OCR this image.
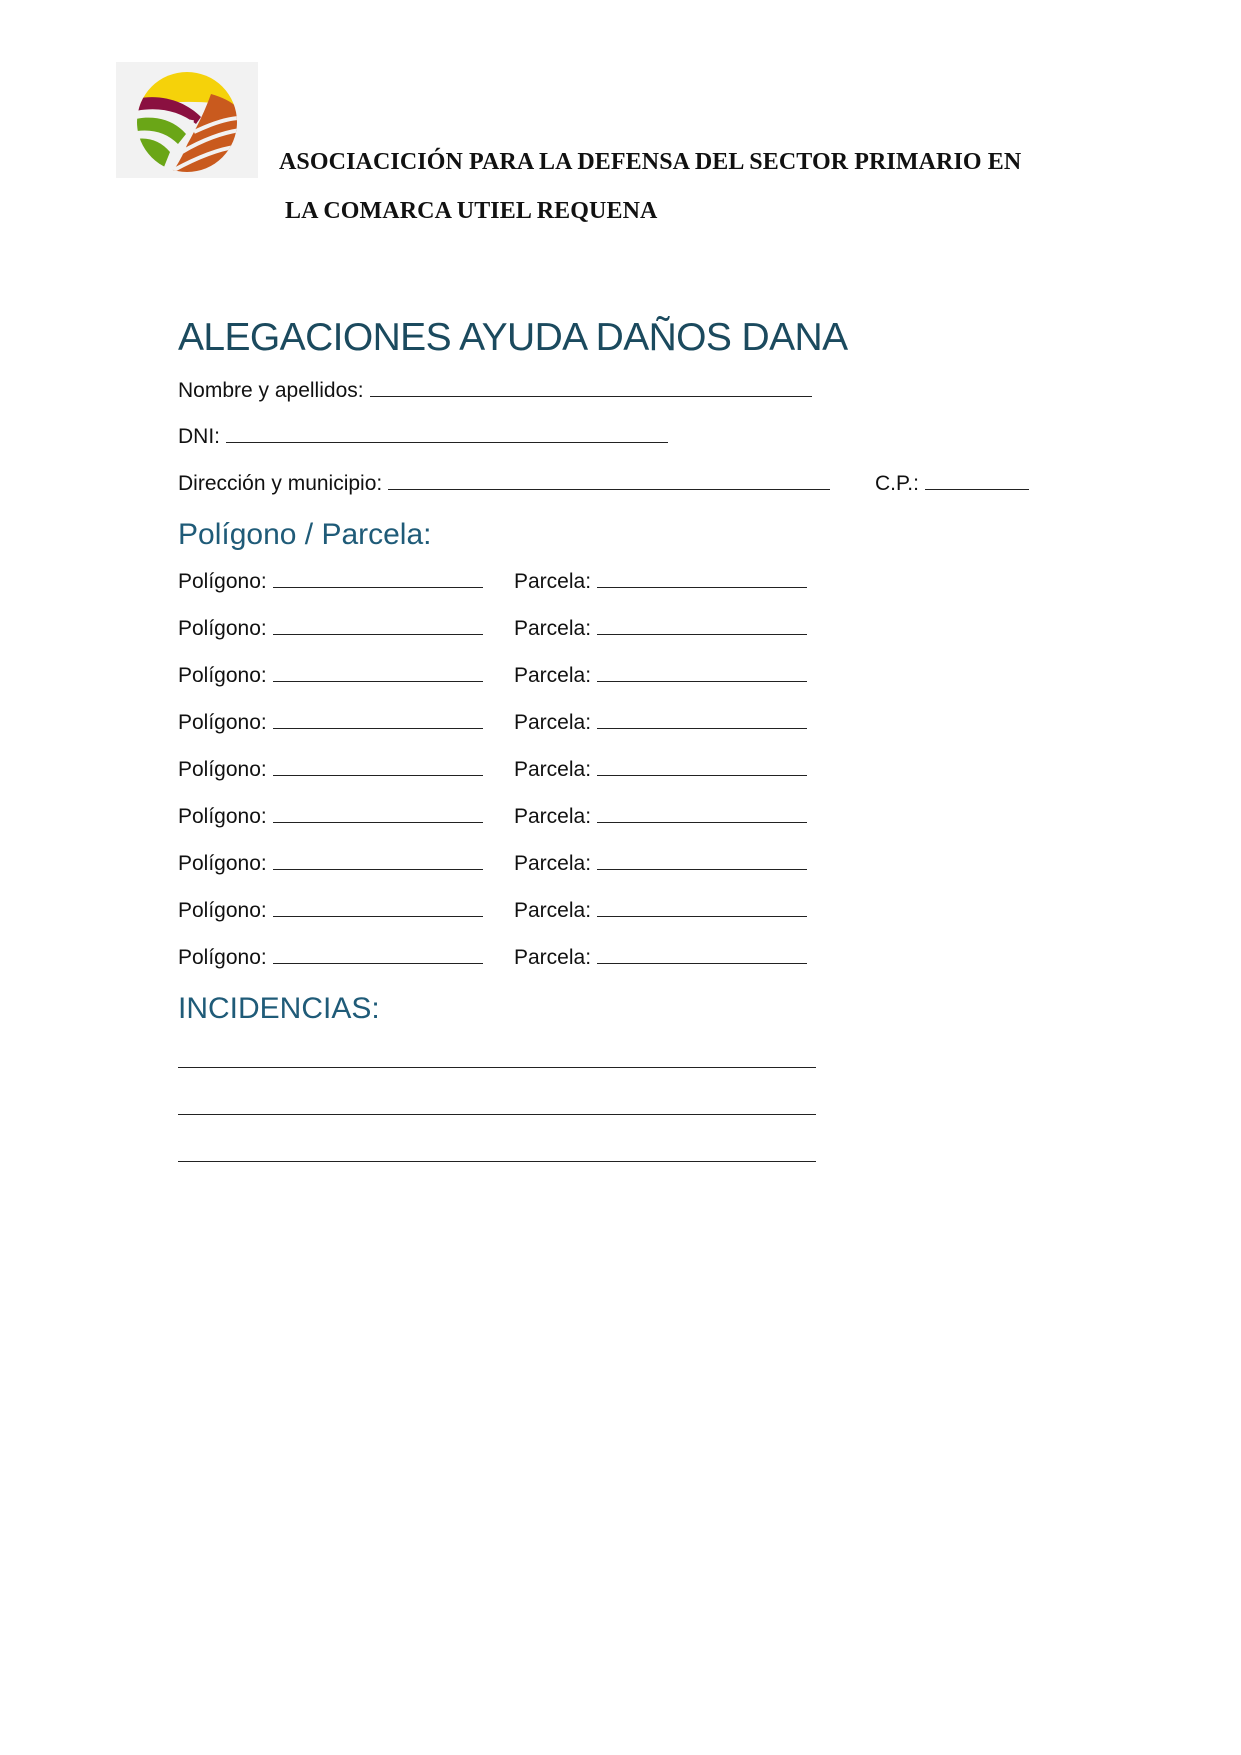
ASOCIACICIÓN PARA LA DEFENSA DEL SECTOR PRIMARIO EN
LA COMARCA UTIEL REQUENA
ALEGACIONES AYUDA DAÑOS DANA
Nombre y apellidos:
DNI:
Dirección y municipio:	C.P.:
Polígono / Parcela:
Polígono:	Parcela:
Polígono:	Parcela:
Polígono:	Parcela:
Polígono:	Parcela:
Polígono:	Parcela:
Polígono:	Parcela:
Polígono:	Parcela:
Polígono:	Parcela:
Polígono:	Parcela:
INCIDENCIAS:
